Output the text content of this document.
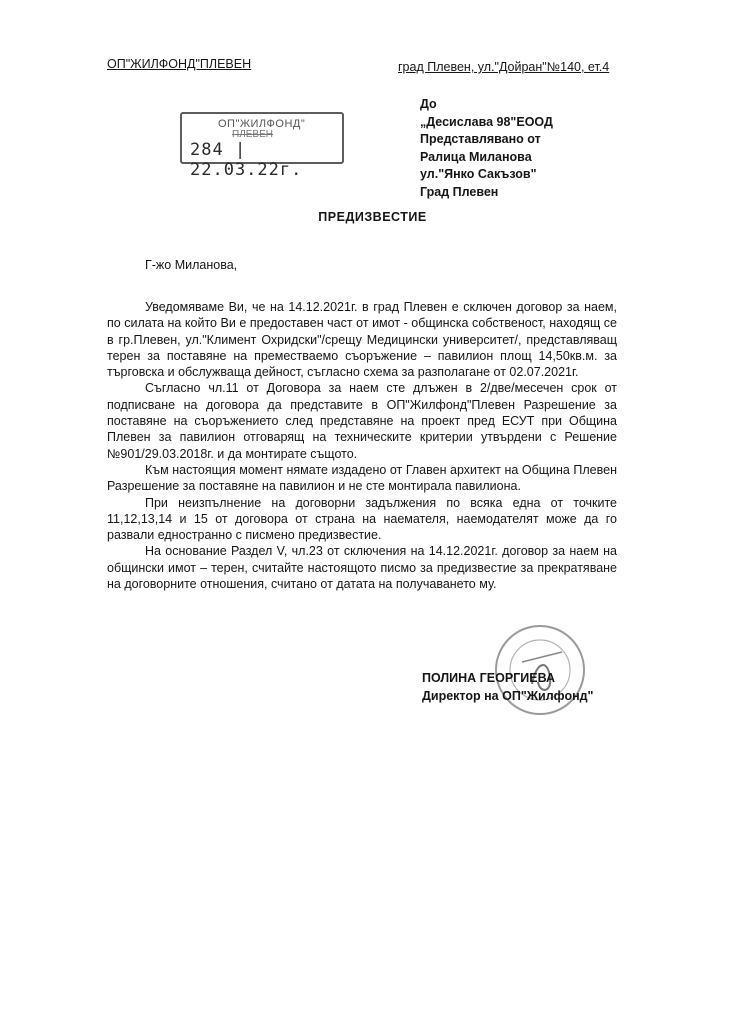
ОП"ЖИЛФОНД"ПЛЕВЕН	град Плевен, ул."Дойран"№140, ет.4
ОП"ЖИЛФОНД"
ПЛЕВЕН
284 | 22.03.22г.
До
„Десислава 98"ЕООД
Представлявано от
Ралица Миланова
ул."Янко Сакъзов"
Град Плевен
ПРЕДИЗВЕСТИЕ
Г-жо Миланова,

Уведомяваме Ви, че на 14.12.2021г. в град Плевен е сключен договор за наем, по силата на който Ви е предоставен част от имот - общинска собственост, находящ се в гр.Плевен, ул."Климент Охридски"/срещу Медицински университет/, представляващ терен за поставяне на преместваемо съоръжение – павилион площ 14,50кв.м. за търговска и обслужваща дейност, съгласно схема за разполагане от 02.07.2021г.

Съгласно чл.11 от Договора за наем сте длъжен в 2/две/месечен срок от подписване на договора да представите в ОП"Жилфонд"Плевен Разрешение за поставяне на съоръжението след представяне на проект пред ЕСУТ при Община Плевен за павилион отговарящ на техническите критерии утвърдени с Решение №901/29.03.2018г. и да монтирате същото.

Към настоящия момент нямате издадено от Главен архитект на Община Плевен Разрешение за поставяне на павилион и не сте монтирала павилиона.

При неизпълнение на договорни задължения по всяка една от точките 11,12,13,14 и 15 от договора от страна на наемателя, наемодателят може да го развали едностранно с писмено предизвестие.

На основание Раздел V, чл.23 от сключения на 14.12.2021г. договор за наем на общински имот – терен, считайте настоящото писмо за предизвестие за прекратяване на договорните отношения, считано от датата на получаването му.

ПОЛИНА ГЕОРГИЕВА
Директор на ОП"Жилфонд"
